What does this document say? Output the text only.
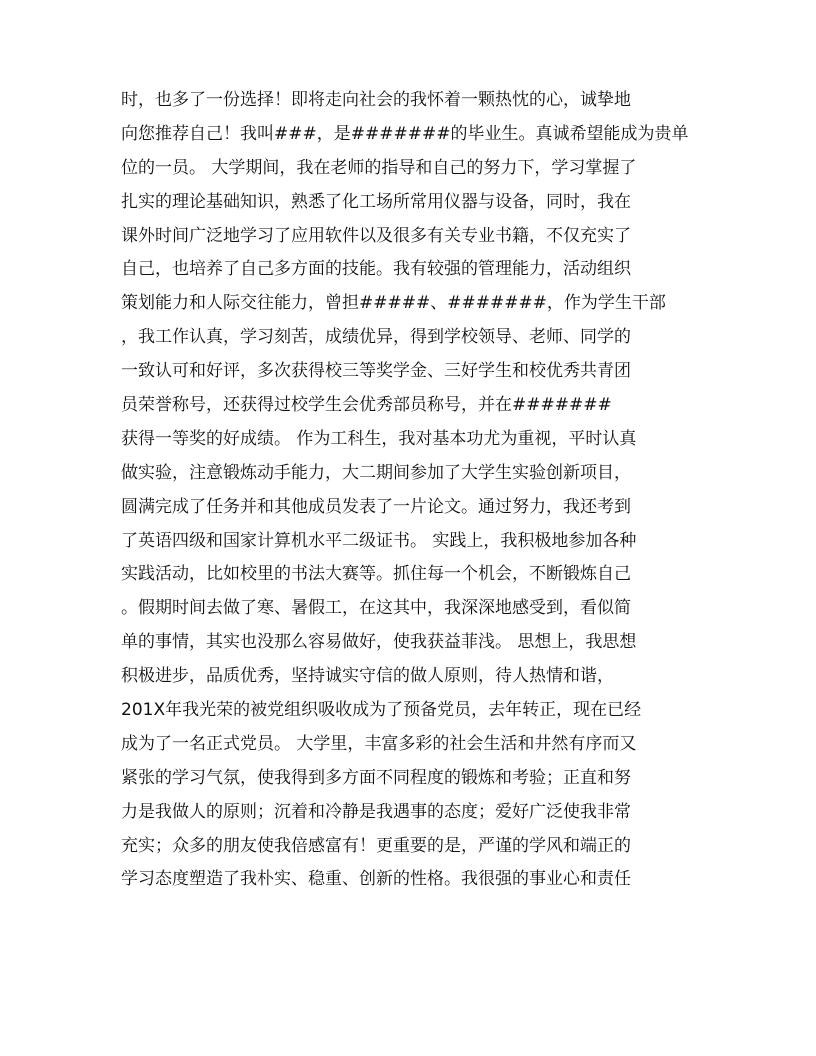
时，也多了一份选择！即将走向社会的我怀着一颗热忱的心，诚挚地
向您推荐自己！我叫###，是#######的毕业生。真诚希望能成为贵单
位的一员。 大学期间，我在老师的指导和自己的努力下，学习掌握了
扎实的理论基础知识，熟悉了化工场所常用仪器与设备，同时，我在
课外时间广泛地学习了应用软件以及很多有关专业书籍，不仅充实了
自己，也培养了自己多方面的技能。我有较强的管理能力，活动组织
策划能力和人际交往能力，曾担#####、#######，作为学生干部
，我工作认真，学习刻苦，成绩优异，得到学校领导、老师、同学的
一致认可和好评，多次获得校三等奖学金、三好学生和校优秀共青团
员荣誉称号，还获得过校学生会优秀部员称号，并在#######
获得一等奖的好成绩。 作为工科生，我对基本功尤为重视，平时认真
做实验，注意锻炼动手能力，大二期间参加了大学生实验创新项目，
圆满完成了任务并和其他成员发表了一片论文。通过努力，我还考到
了英语四级和国家计算机水平二级证书。 实践上，我积极地参加各种
实践活动，比如校里的书法大赛等。抓住每一个机会，不断锻炼自己
。假期时间去做了寒、暑假工，在这其中，我深深地感受到，看似简
单的事情，其实也没那么容易做好，使我获益菲浅。 思想上，我思想
积极进步，品质优秀，坚持诚实守信的做人原则，待人热情和谐，
201X年我光荣的被党组织吸收成为了预备党员，去年转正，现在已经
成为了一名正式党员。 大学里，丰富多彩的社会生活和井然有序而又
紧张的学习气氛，使我得到多方面不同程度的锻炼和考验；正直和努
力是我做人的原则；沉着和冷静是我遇事的态度；爱好广泛使我非常
充实；众多的朋友使我倍感富有！更重要的是，严谨的学风和端正的
学习态度塑造了我朴实、稳重、创新的性格。我很强的事业心和责任
